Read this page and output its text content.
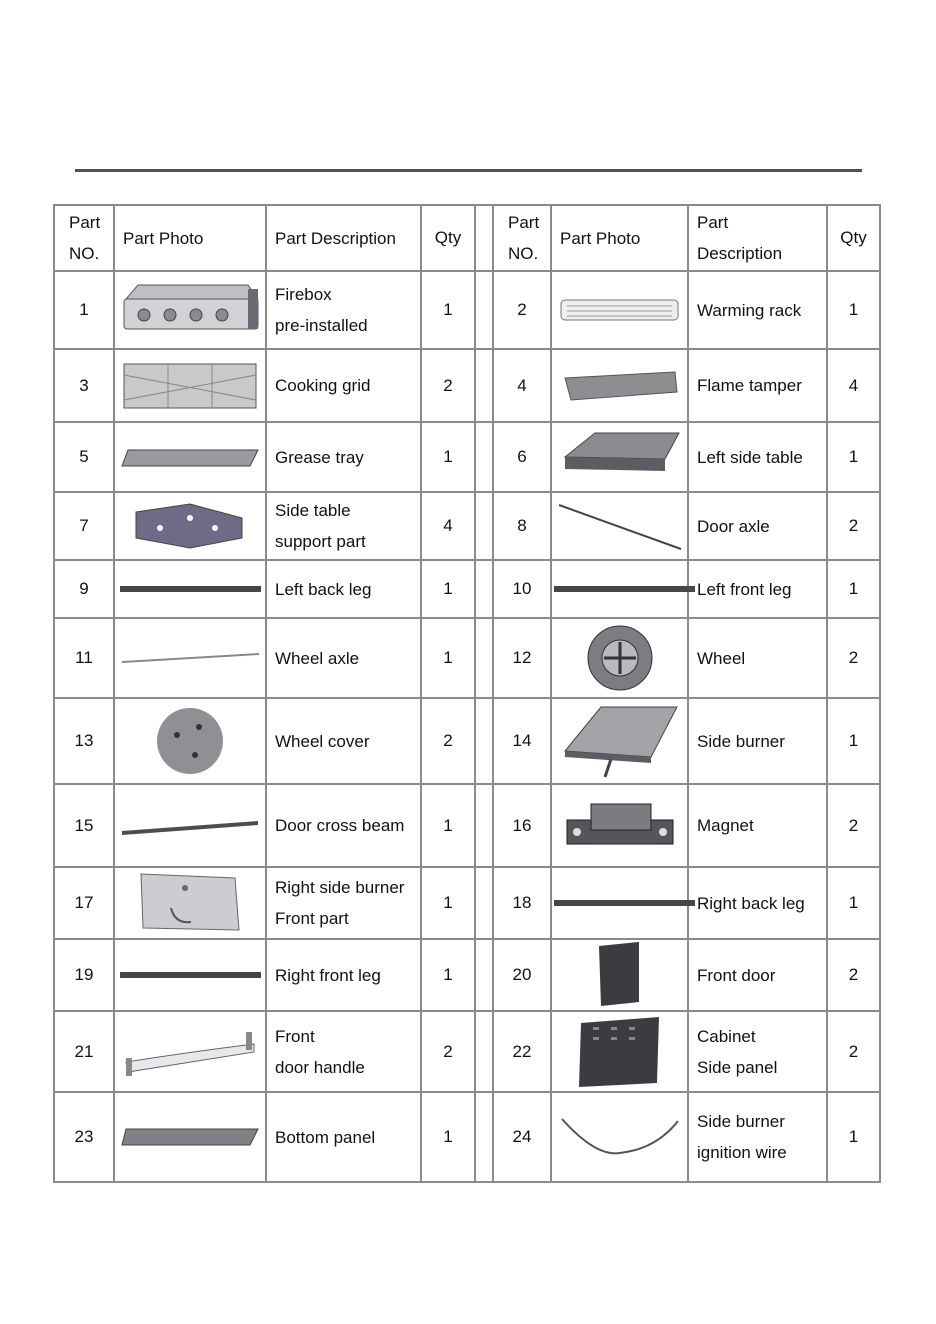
Part
NO.	Part Photo	Part Description	Qty		Part
NO.	Part Photo	Part
Description	Qty
1		Firebox
pre-installed	1		2		Warming rack	1
3		Cooking grid	2		4		Flame tamper	4
5		Grease tray	1		6		Left side table	1
7		Side table
support part	4		8		Door axle	2
9		Left back leg	1		10		Left front leg	1
11		Wheel axle	1		12		Wheel	2
13		Wheel cover	2		14		Side burner	1
15		Door cross beam	1		16		Magnet	2
17		Right side burner
Front part	1		18		Right back leg	1
19		Right front leg	1		20		Front door	2
21		Front
door handle	2		22		Cabinet
Side panel	2
23		Bottom panel	1		24		Side burner
ignition wire	1
